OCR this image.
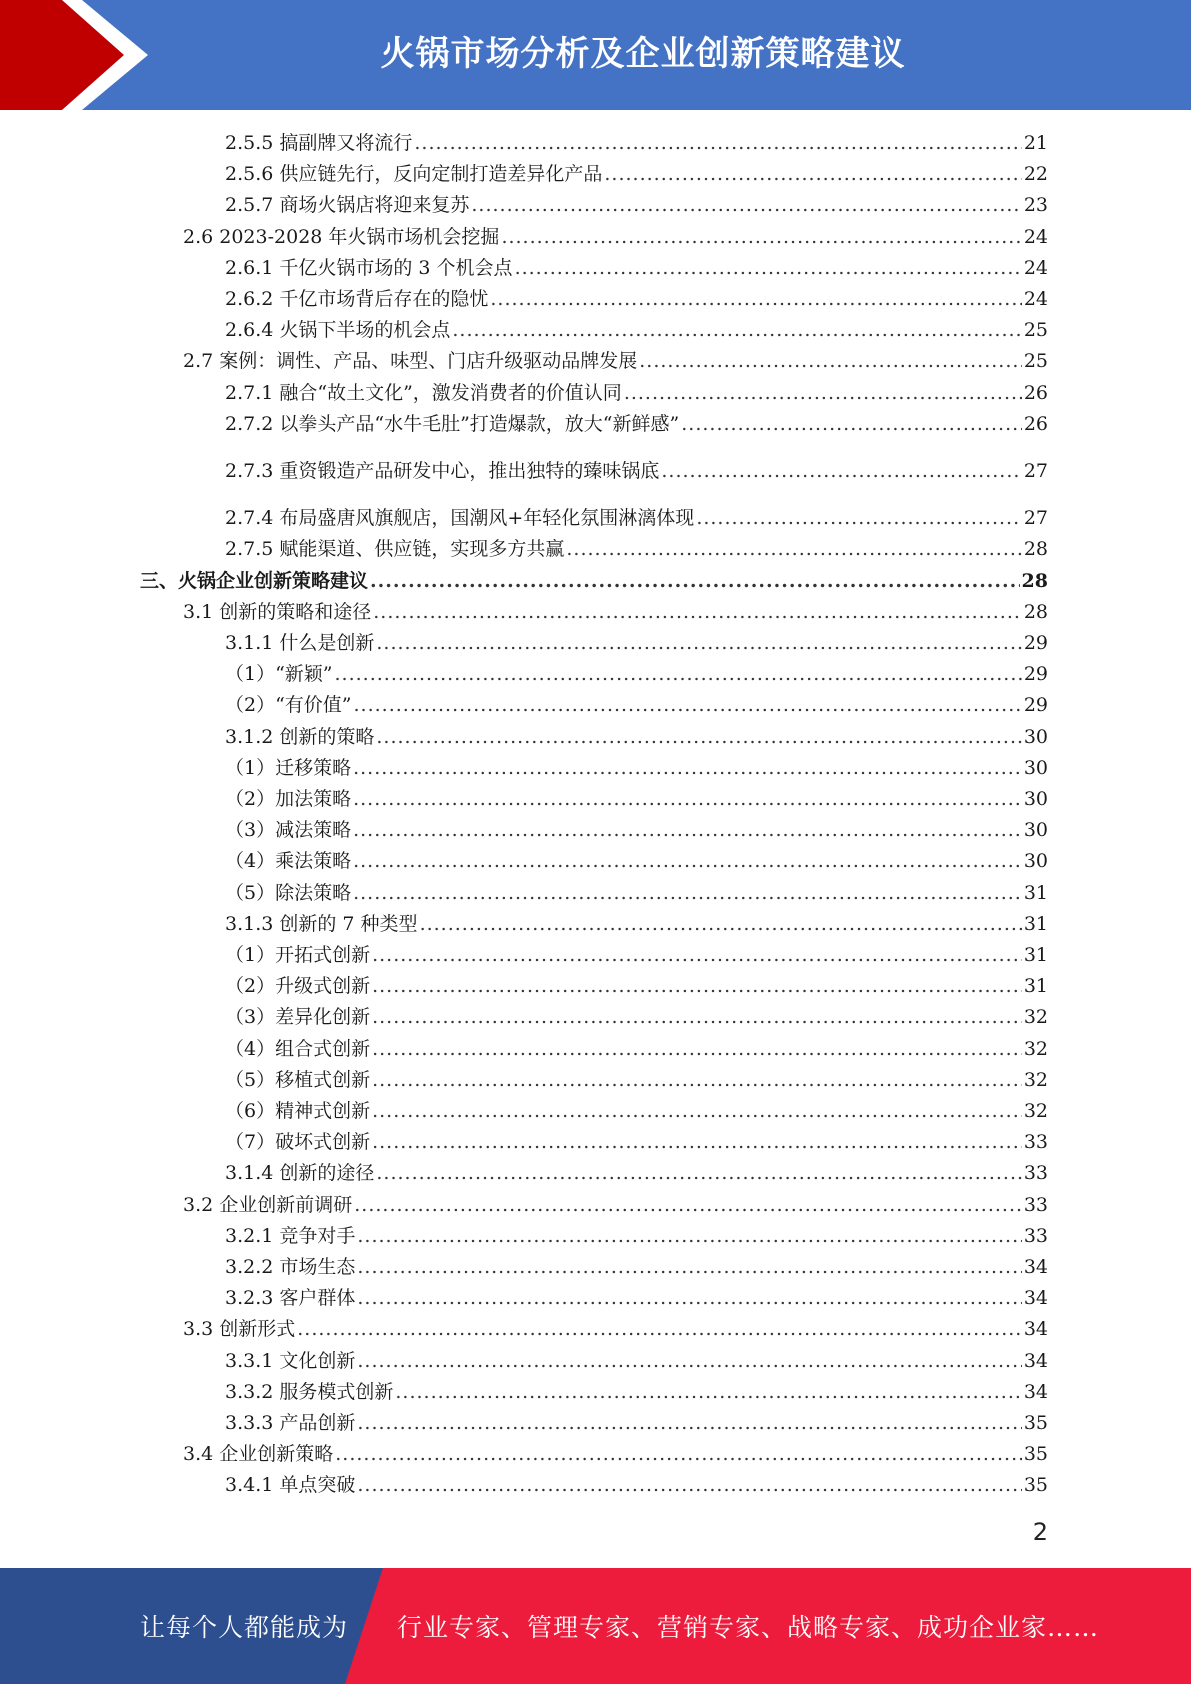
火锅市场分析及企业创新策略建议
2.5.5 搞副牌又将流行 .....	21
2.5.6 供应链先行，反向定制打造差异化产品 .....	22
2.5.7 商场火锅店将迎来复苏 .....	23
2.6 2023-2028 年火锅市场机会挖掘 .....	24
2.6.1 千亿火锅市场的 3 个机会点 .....	24
2.6.2 千亿市场背后存在的隐忧 .....	24
2.6.4 火锅下半场的机会点 .....	25
2.7 案例：调性、产品、味型、门店升级驱动品牌发展 .....	25
2.7.1 融合“故土文化”，激发消费者的价值认同 .....	26
2.7.2 以拳头产品“水牛毛肚”打造爆款，放大“新鲜感” .....	26
2.7.3 重资锻造产品研发中心，推出独特的臻味锅底 .....	27
2.7.4 布局盛唐风旗舰店，国潮风+年轻化氛围淋漓体现 .....	27
2.7.5 赋能渠道、供应链，实现多方共赢 .....	28
三、火锅企业创新策略建议 .....	28
3.1 创新的策略和途径 .....	28
3.1.1 什么是创新 .....	29
（1）“新颖” .....	29
（2）“有价值” .....	29
3.1.2 创新的策略 .....	30
（1）迁移策略 .....	30
（2）加法策略 .....	30
（3）减法策略 .....	30
（4）乘法策略 .....	30
（5）除法策略 .....	31
3.1.3 创新的 7 种类型 .....	31
（1）开拓式创新 .....	31
（2）升级式创新 .....	31
（3）差异化创新 .....	32
（4）组合式创新 .....	32
（5）移植式创新 .....	32
（6）精神式创新 .....	32
（7）破坏式创新 .....	33
3.1.4 创新的途径 .....	33
3.2 企业创新前调研 .....	33
3.2.1 竞争对手 .....	33
3.2.2 市场生态 .....	34
3.2.3 客户群体 .....	34
3.3 创新形式 .....	34
3.3.1 文化创新 .....	34
3.3.2 服务模式创新 .....	34
3.3.3 产品创新 .....	35
3.4 企业创新策略 .....	35
3.4.1 单点突破 .....	35
2
让每个人都能成为 行业专家、管理专家、营销专家、战略专家、成功企业家……
